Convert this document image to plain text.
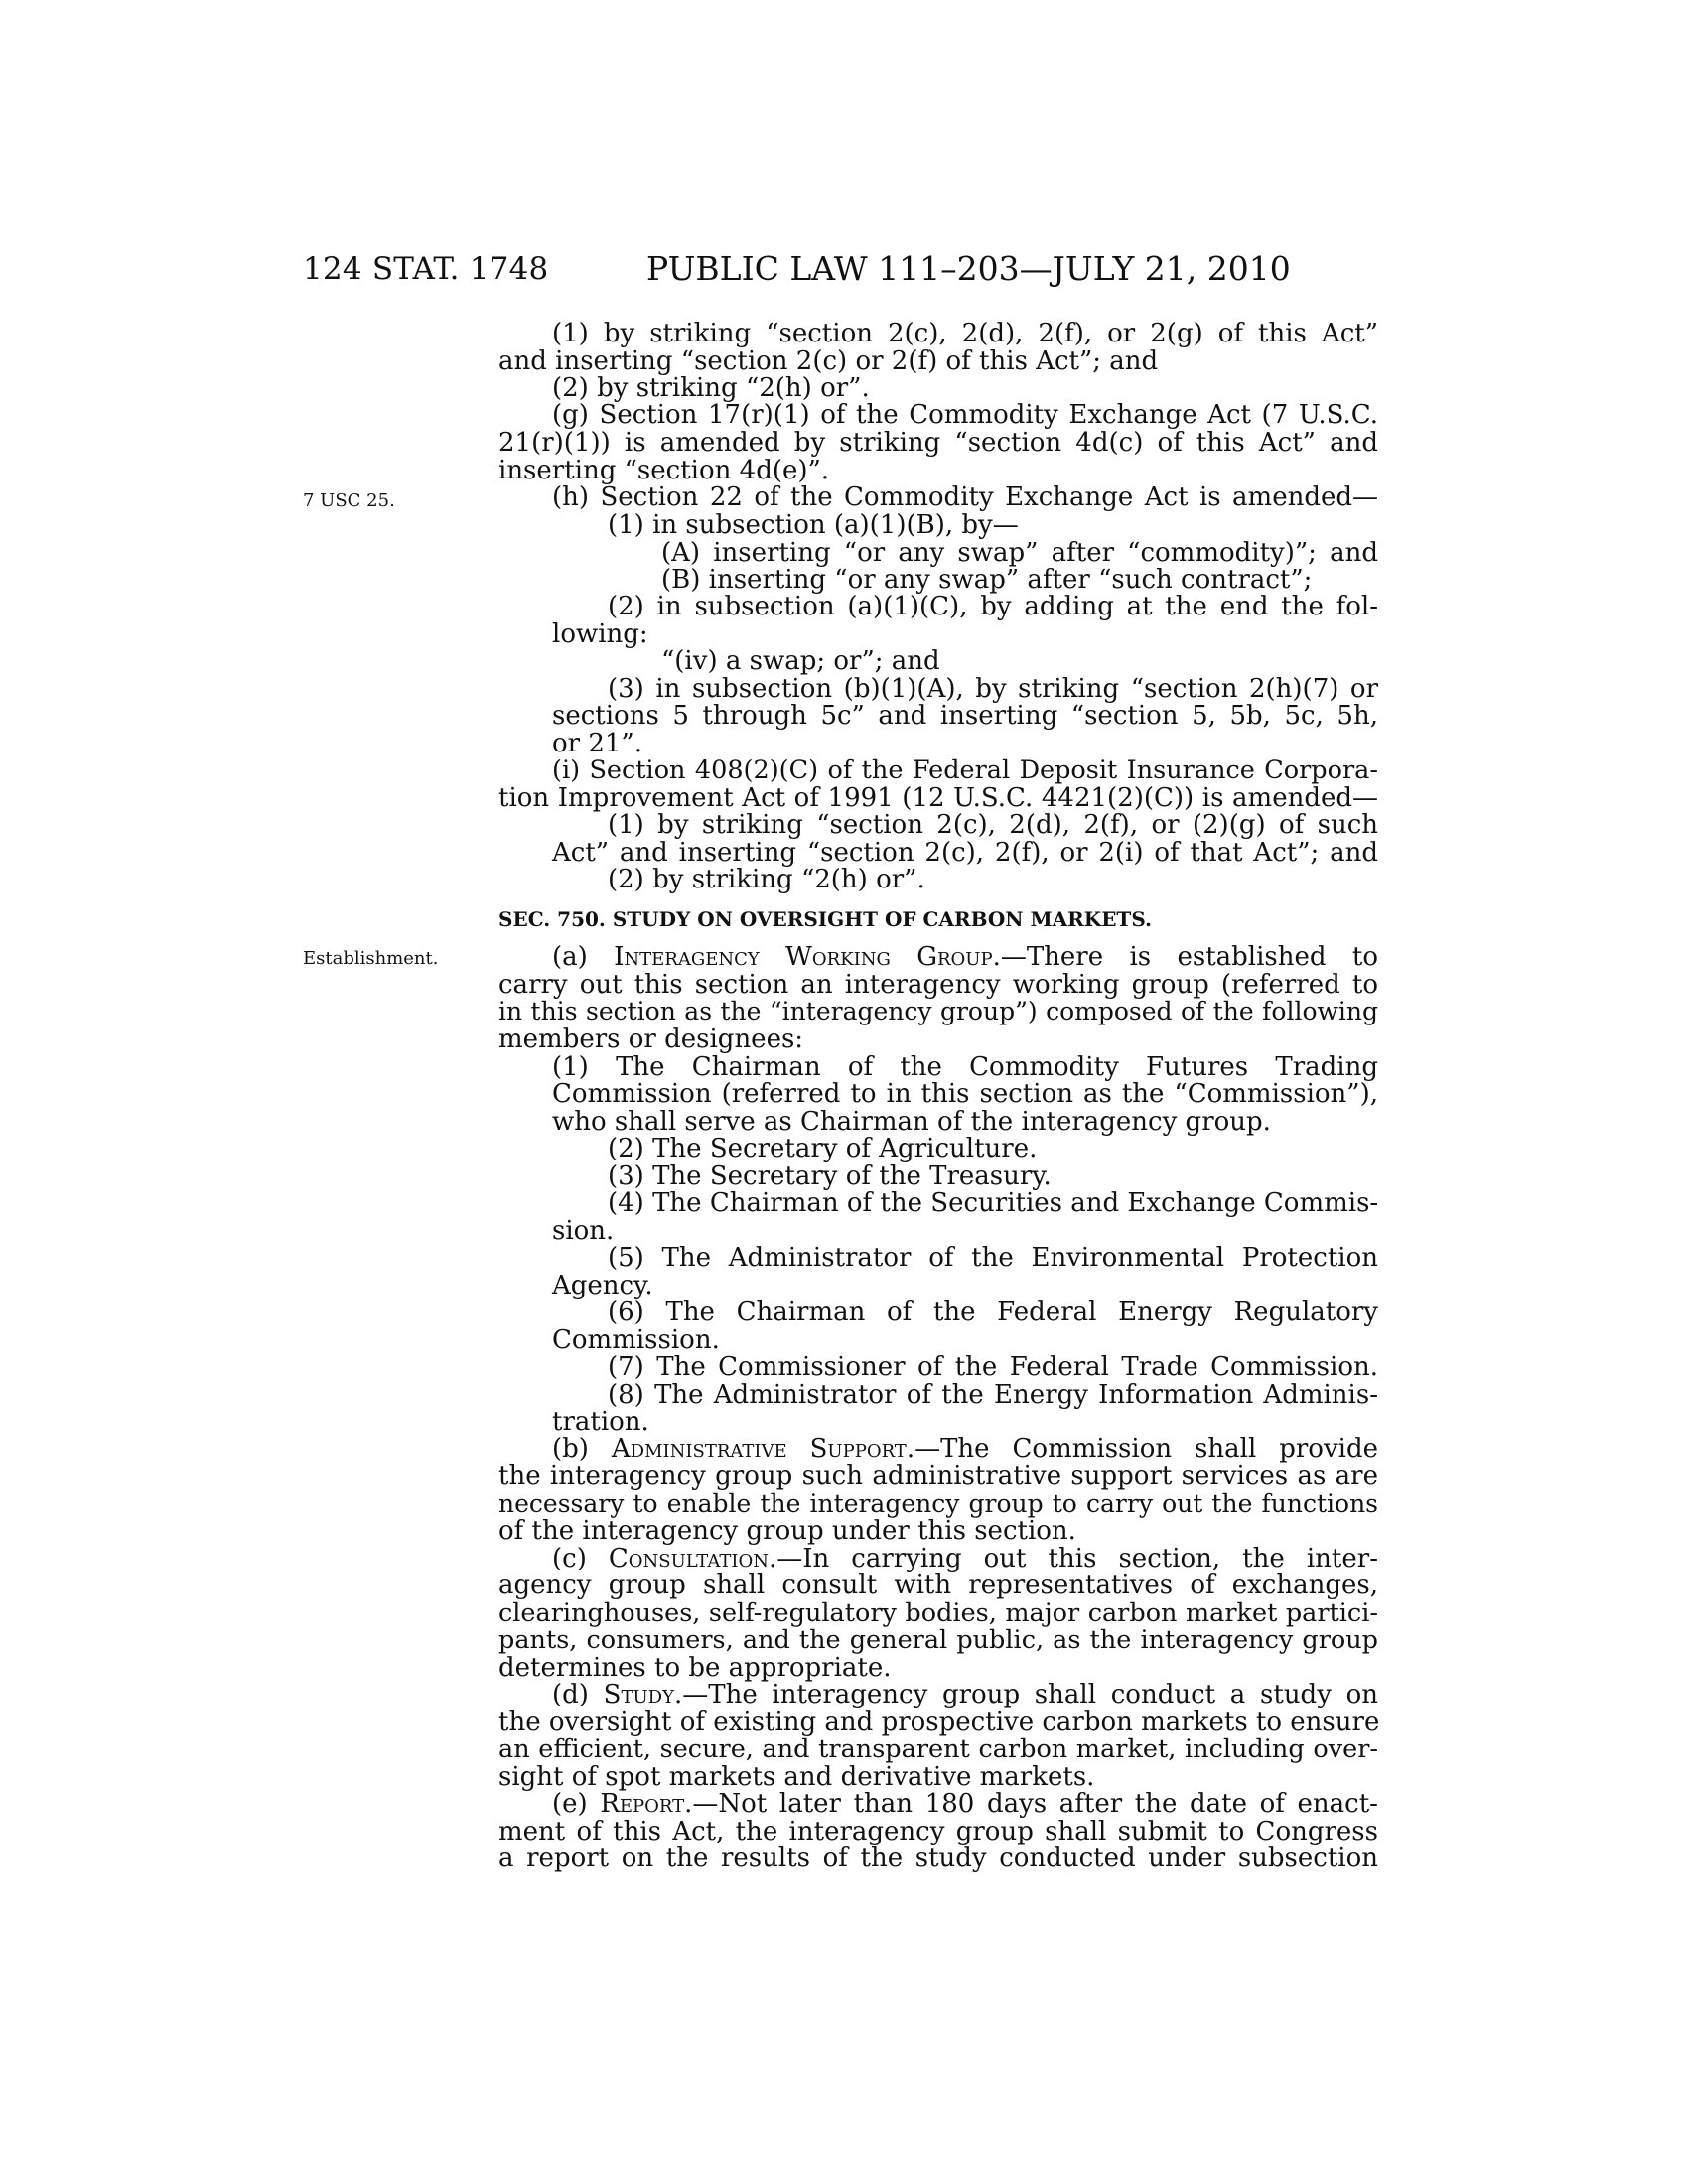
124 STAT. 1748	PUBLIC LAW 111–203—JULY 21, 2010
7 USC 25.
Establishment.
(1) by striking “section 2(c), 2(d), 2(f), or 2(g) of this Act”
and inserting “section 2(c) or 2(f) of this Act”; and
(2) by striking “2(h) or”.
(g) Section 17(r)(1) of the Commodity Exchange Act (7 U.S.C.
21(r)(1)) is amended by striking “section 4d(c) of this Act” and
inserting “section 4d(e)”.
(h) Section 22 of the Commodity Exchange Act is amended—
(1) in subsection (a)(1)(B), by—
(A) inserting “or any swap” after “commodity)”; and
(B) inserting “or any swap” after “such contract”;
(2) in subsection (a)(1)(C), by adding at the end the fol-
lowing:
“(iv) a swap; or”; and
(3) in subsection (b)(1)(A), by striking “section 2(h)(7) or
sections 5 through 5c” and inserting “section 5, 5b, 5c, 5h,
or 21”.
(i) Section 408(2)(C) of the Federal Deposit Insurance Corpora-
tion Improvement Act of 1991 (12 U.S.C. 4421(2)(C)) is amended—
(1) by striking “section 2(c), 2(d), 2(f), or (2)(g) of such
Act” and inserting “section 2(c), 2(f), or 2(i) of that Act”; and
(2) by striking “2(h) or”.
SEC. 750. STUDY ON OVERSIGHT OF CARBON MARKETS.
(a) Interagency Working Group.—There is established to
carry out this section an interagency working group (referred to
in this section as the “interagency group”) composed of the following
members or designees:
(1) The Chairman of the Commodity Futures Trading
Commission (referred to in this section as the “Commission”),
who shall serve as Chairman of the interagency group.
(2) The Secretary of Agriculture.
(3) The Secretary of the Treasury.
(4) The Chairman of the Securities and Exchange Commis-
sion.
(5) The Administrator of the Environmental Protection
Agency.
(6) The Chairman of the Federal Energy Regulatory
Commission.
(7) The Commissioner of the Federal Trade Commission.
(8) The Administrator of the Energy Information Adminis-
tration.
(b) Administrative Support.—The Commission shall provide
the interagency group such administrative support services as are
necessary to enable the interagency group to carry out the functions
of the interagency group under this section.
(c) Consultation.—In carrying out this section, the inter-
agency group shall consult with representatives of exchanges,
clearinghouses, self-regulatory bodies, major carbon market partici-
pants, consumers, and the general public, as the interagency group
determines to be appropriate.
(d) Study.—The interagency group shall conduct a study on
the oversight of existing and prospective carbon markets to ensure
an efficient, secure, and transparent carbon market, including over-
sight of spot markets and derivative markets.
(e) Report.—Not later than 180 days after the date of enact-
ment of this Act, the interagency group shall submit to Congress
a report on the results of the study conducted under subsection
